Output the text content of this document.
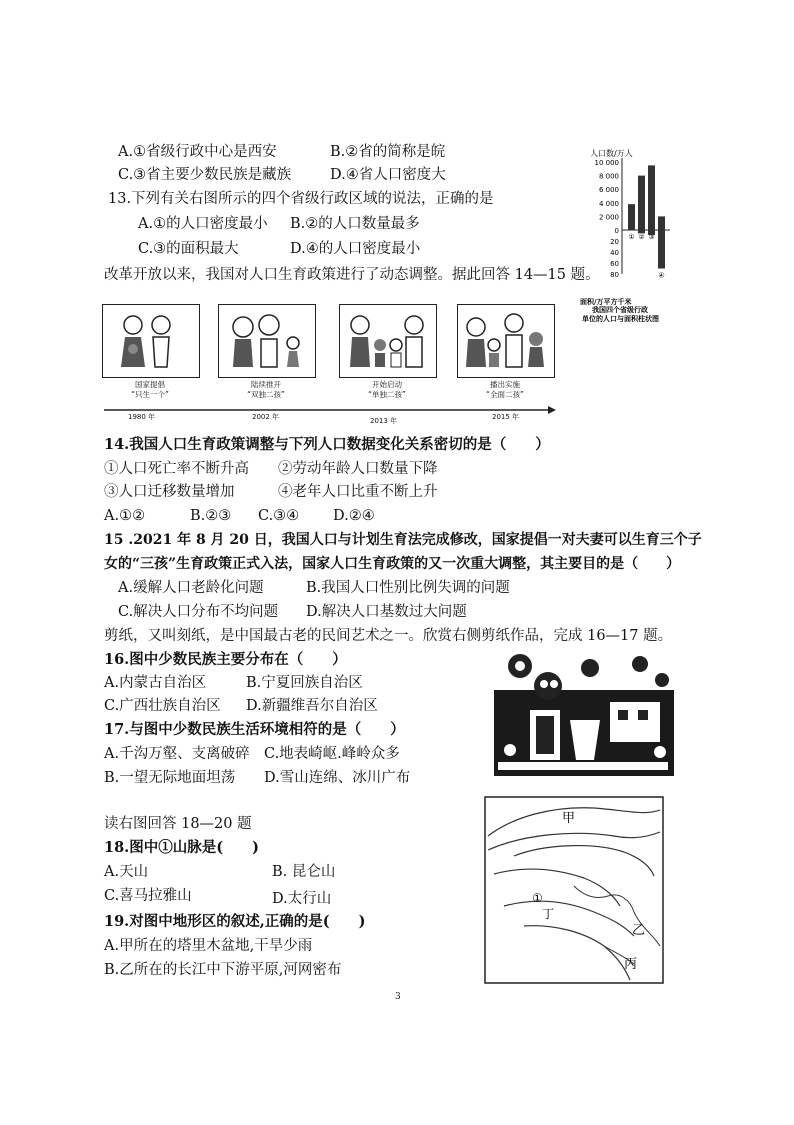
A.①省级行政中心是西安	B.②省的简称是皖
C.③省主要少数民族是藏族	D.④省人口密度大
13.下列有关右图所示的四个省级行政区域的说法，正确的是
A.①的人口密度最小 B.②的人口数量最多
C.③的面积最大	D.④的人口密度最小
改革开放以来，我国对人口生育政策进行了动态调整。据此回答 14—15 题。
人口数/万人
10 000
8 000
6 000
4 000
2 000
0
20
40
60
80
① ② ③
④
面积/万平方千米
我国四个省级行政
单位的人口与面积柱状图
国家提倡
“只生一个”
陆续推开
“双独二孩”
开始启动
“单独二孩”
播出实施
“全面二孩”
1980 年	2002 年	2013 年	2015 年
14.我国人口生育政策调整与下列人口数据变化关系密切的是（　　）
①人口死亡率不断升高 ②劳动年龄人口数量下降
③人口迁移数量增加	④老年人口比重不断上升
A.①②	B.②③ C.③④ D.②④
15 .2021 年 8 月 20 日，我国人口与计划生育法完成修改，国家提倡一对夫妻可以生育三个子
女的“三孩”生育政策正式入法，国家人口生育政策的又一次重大调整，其主要目的是（　　）
A.缓解人口老龄化问题	B.我国人口性别比例失调的问题
C.解决人口分布不均问题 D.解决人口基数过大问题
剪纸，又叫刻纸，是中国最古老的民间艺术之一。欣赏右侧剪纸作品，完成 16—17 题。
16.图中少数民族主要分布在（　　）
A.内蒙古自治区	B.宁夏回族自治区
C.广西壮族自治区 D.新疆维吾尔自治区
17.与图中少数民族生活环境相符的是（　　）
A.千沟万壑、支离破碎 C.地表崎岖.峰岭众多
B.一望无际地面坦荡 D.雪山连绵、冰川广布
读右图回答 18—20 题
18.图中①山脉是(　　)
A.天山	B. 昆仑山
C.喜马拉雅山	D.太行山
19.对图中地形区的叙述,正确的是(　　)
A.甲所在的塔里木盆地,干旱少雨
B.乙所在的长江中下游平原,河网密布
甲
①
丁
乙
丙
3
